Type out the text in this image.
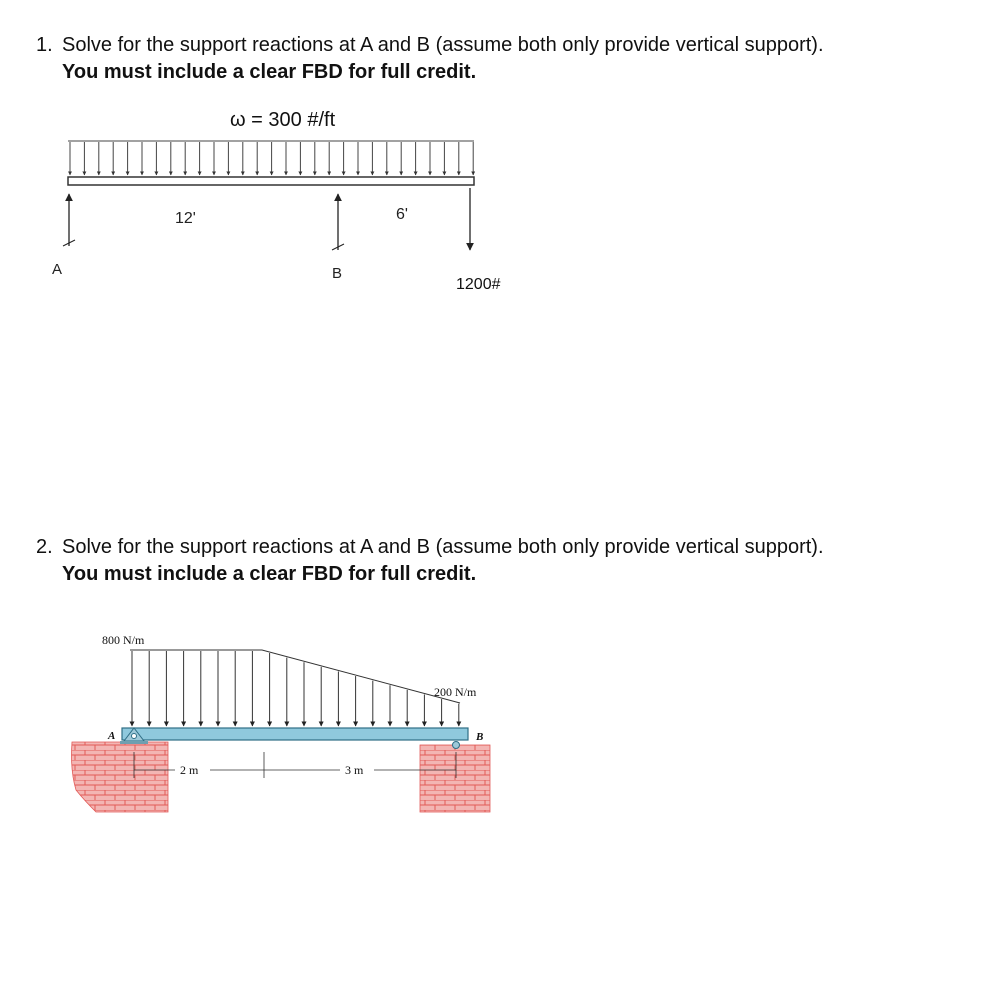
1. Solve for the support reactions at A and B (assume both only provide vertical support).
You must include a clear FBD for full credit.
ω = 300 #/ft
A	B
1200#
12'	6'
2. Solve for the support reactions at A and B (assume both only provide vertical support).
You must include a clear FBD for full credit.
800 N/m
200 N/m
A	B
2 m	3 m
